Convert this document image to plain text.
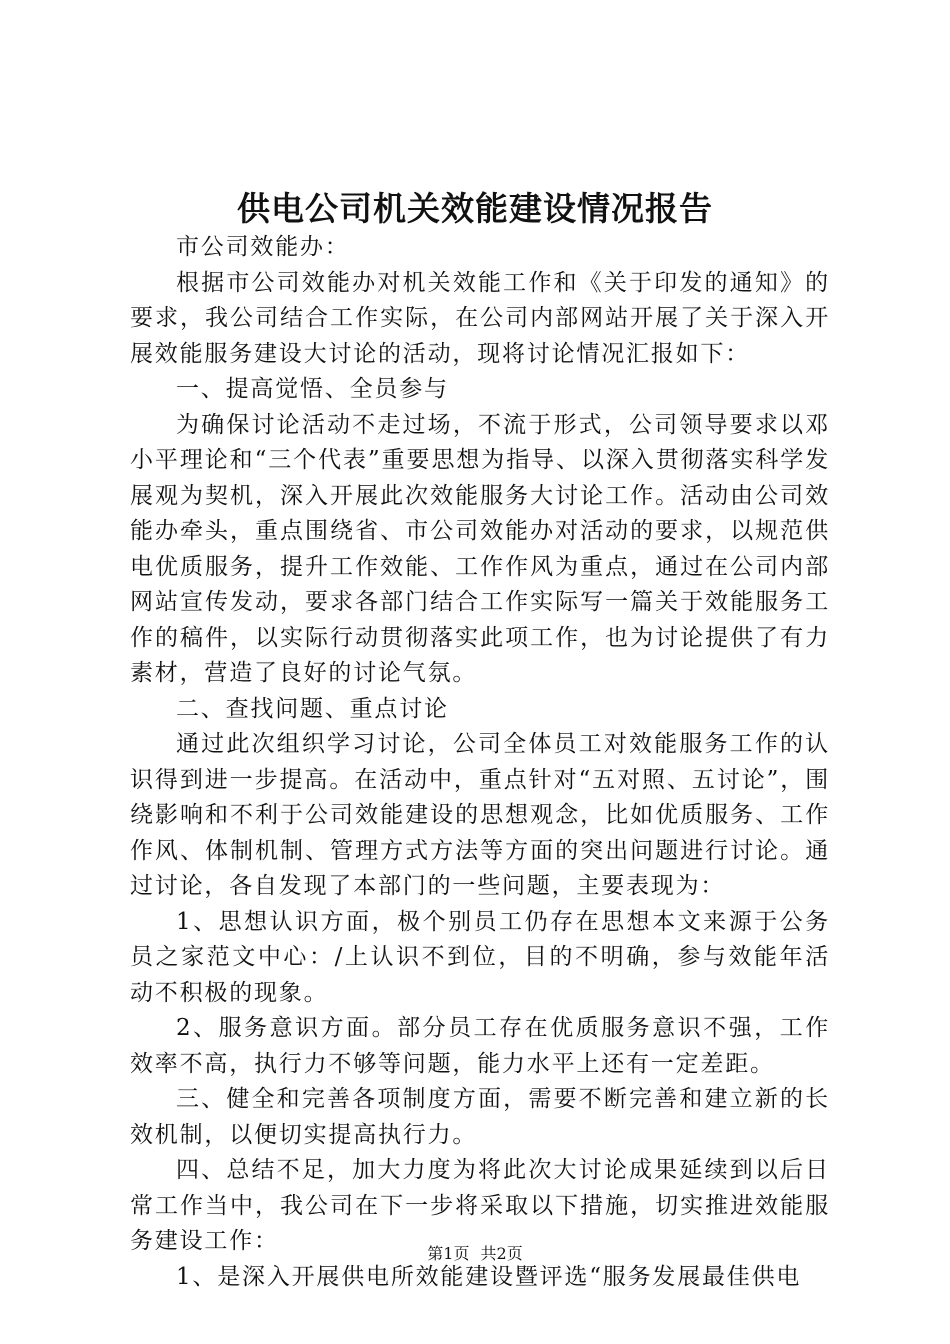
供电公司机关效能建设情况报告

市公司效能办：

根据市公司效能办对机关效能工作和《关于印发的通知》的要求，我公司结合工作实际，在公司内部网站开展了关于深入开展效能服务建设大讨论的活动，现将讨论情况汇报如下：

一、提高觉悟、全员参与

为确保讨论活动不走过场，不流于形式，公司领导要求以邓小平理论和“三个代表”重要思想为指导、以深入贯彻落实科学发展观为契机，深入开展此次效能服务大讨论工作。活动由公司效能办牵头，重点围绕省、市公司效能办对活动的要求，以规范供电优质服务，提升工作效能、工作作风为重点，通过在公司内部网站宣传发动，要求各部门结合工作实际写一篇关于效能服务工作的稿件，以实际行动贯彻落实此项工作，也为讨论提供了有力素材，营造了良好的讨论气氛。

二、查找问题、重点讨论

通过此次组织学习讨论，公司全体员工对效能服务工作的认识得到进一步提高。在活动中，重点针对“五对照、五讨论”，围绕影响和不利于公司效能建设的思想观念，比如优质服务、工作作风、体制机制、管理方式方法等方面的突出问题进行讨论。通过讨论，各自发现了本部门的一些问题，主要表现为：

1、思想认识方面，极个别员工仍存在思想本文来源于公务员之家范文中心：/上认识不到位，目的不明确，参与效能年活动不积极的现象。

2、服务意识方面。部分员工存在优质服务意识不强，工作效率不高，执行力不够等问题，能力水平上还有一定差距。

三、健全和完善各项制度方面，需要不断完善和建立新的长效机制，以便切实提高执行力。

四、总结不足，加大力度为将此次大讨论成果延续到以后日常工作当中，我公司在下一步将采取以下措施，切实推进效能服务建设工作：

1、是深入开展供电所效能建设暨评选“服务发展最佳供电

第1页 共2页
